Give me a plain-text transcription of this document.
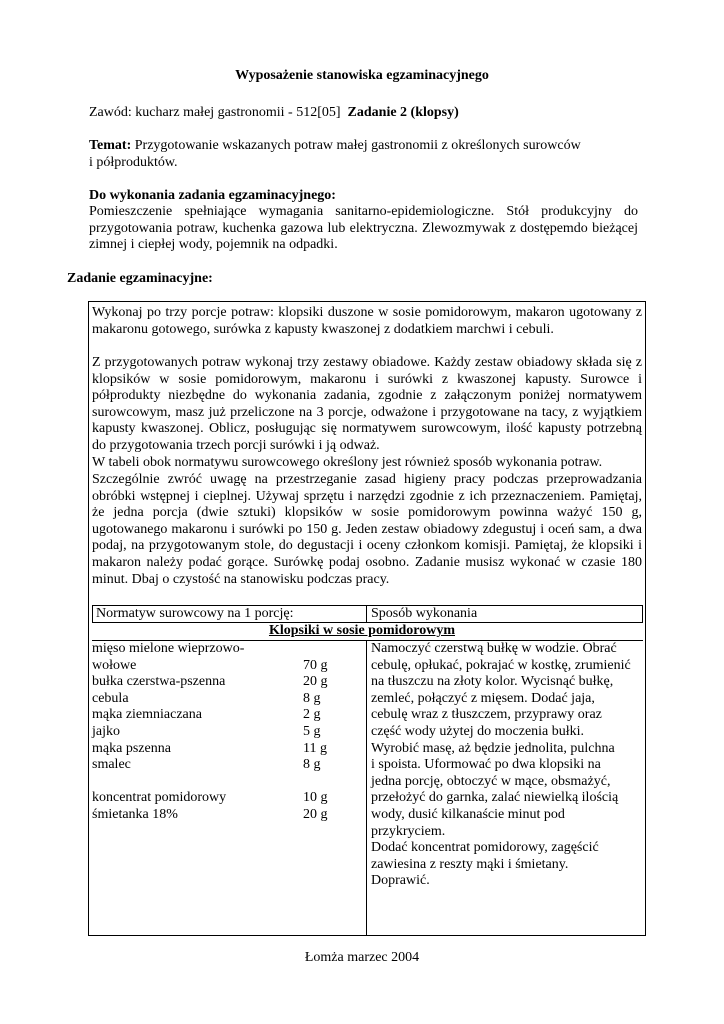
Wyposażenie stanowiska egzaminacyjnego
Zawód: kucharz małej gastronomii - 512[05] Zadanie 2 (klopsy)
Temat: Przygotowanie wskazanych potraw małej gastronomii z określonych surowców
i półproduktów.
Do wykonania zadania egzaminacyjnego:
Pomieszczenie spełniające wymagania sanitarno-epidemiologiczne. Stół produkcyjny do przygotowania potraw, kuchenka gazowa lub elektryczna. Zlewozmywak z dostępemdo bieżącej zimnej i ciepłej wody, pojemnik na odpadki.
Zadanie egzaminacyjne:
Wykonaj po trzy porcje potraw: klopsiki duszone w sosie pomidorowym, makaron ugotowany z makaronu gotowego, surówka z kapusty kwaszonej z dodatkiem marchwi i cebuli.
Z przygotowanych potraw wykonaj trzy zestawy obiadowe. Każdy zestaw obiadowy składa się z klopsików w sosie pomidorowym, makaronu i surówki z kwaszonej kapusty. Surowce i półprodukty niezbędne do wykonania zadania, zgodnie z załączonym poniżej normatywem surowcowym, masz już przeliczone na 3 porcje, odważone i przygotowane na tacy, z wyjątkiem kapusty kwaszonej. Oblicz, posługując się normatywem surowcowym, ilość kapusty potrzebną do przygotowania trzech porcji surówki i ją odważ.
W tabeli obok normatywu surowcowego określony jest również sposób wykonania potraw.
Szczególnie zwróć uwagę na przestrzeganie zasad higieny pracy podczas przeprowadzania obróbki wstępnej i cieplnej. Używaj sprzętu i narzędzi zgodnie z ich przeznaczeniem. Pamiętaj, że jedna porcja (dwie sztuki) klopsików w sosie pomidorowym powinna ważyć 150 g, ugotowanego makaronu i surówki po 150 g. Jeden zestaw obiadowy zdegustuj i oceń sam, a dwa podaj, na przygotowanym stole, do degustacji i oceny członkom komisji. Pamiętaj, że klopsiki i makaron należy podać gorące. Surówkę podaj osobno. Zadanie musisz wykonać w czasie 180 minut. Dbaj o czystość na stanowisku podczas pracy.
Normatyw surowcowy na 1 porcję:	Sposób wykonania
Klopsiki w sosie pomidorowym
mięso mielone wieprzowo-
wołowe
bułka czerstwa-pszenna
cebula
mąka ziemniaczana
jajko
mąka pszenna
smalec
koncentrat pomidorowy
śmietanka 18%
70 g
20 g
8 g
2 g
5 g
11 g
8 g
10 g
20 g
Namoczyć czerstwą bułkę w wodzie. Obrać
cebulę, opłukać, pokrajać w kostkę, zrumienić
na tłuszczu na złoty kolor. Wycisnąć bułkę,
zemleć, połączyć z mięsem. Dodać jaja,
cebulę wraz z tłuszczem, przyprawy oraz
część wody użytej do moczenia bułki.
Wyrobić masę, aż będzie jednolita, pulchna
i spoista. Uformować po dwa klopsiki na
jedna porcję, obtoczyć w mące, obsmażyć,
przełożyć do garnka, zalać niewielką ilością
wody, dusić kilkanaście minut pod
przykryciem.
Dodać koncentrat pomidorowy, zagęścić
zawiesina z reszty mąki i śmietany.
Doprawić.
Łomża marzec 2004
